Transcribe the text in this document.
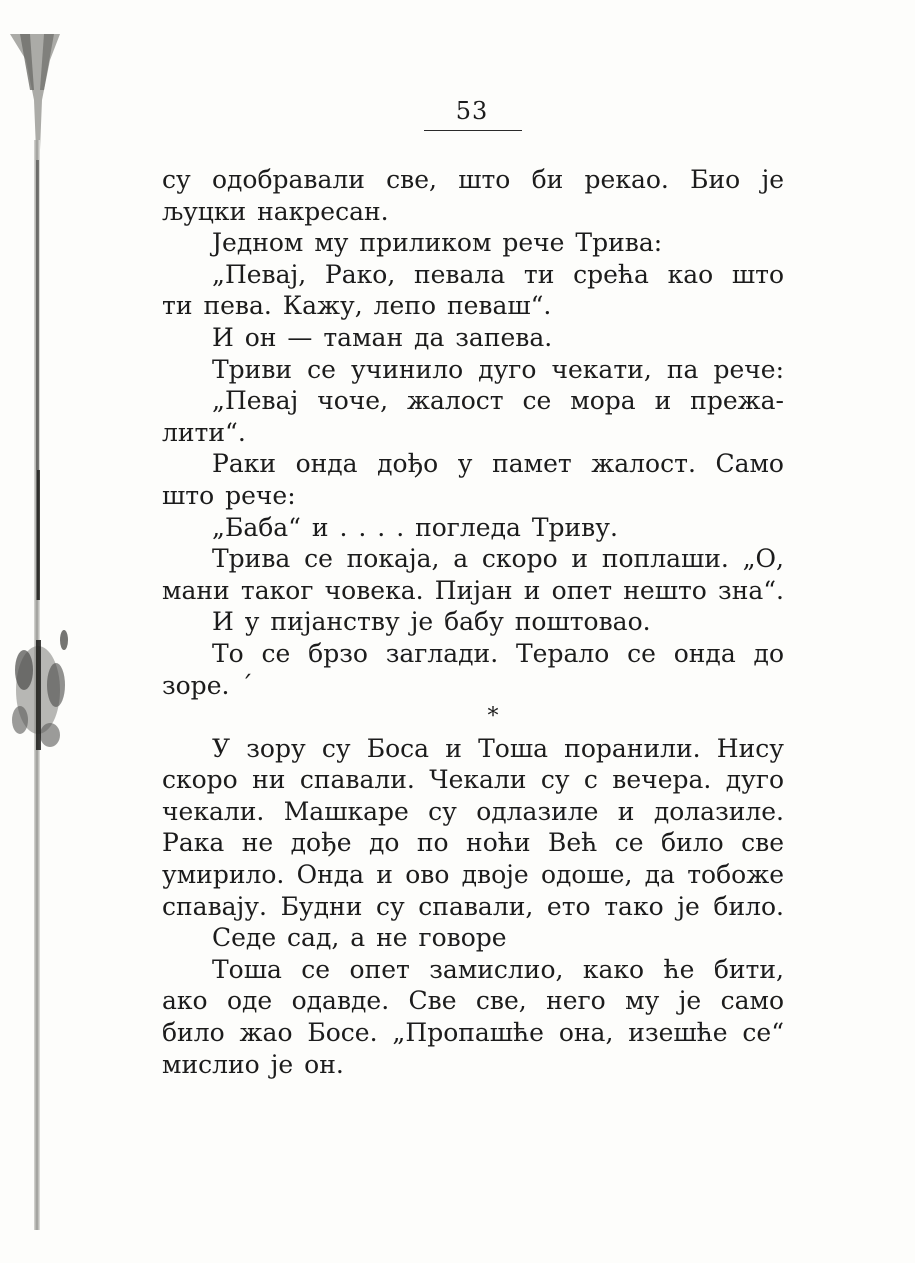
53
су одобравали све, што би рекао. Био је
љуцки накресан.
Једном му приликом рече Трива:
„Певај, Рако, певала ти срећа као што
ти пева. Кажу, лепо певаш“.
И он — таман да запева.
Триви се учинило дуго чекати, па рече:
„Певај чоче, жалост се мора и прежа-
лити“.
Раки онда дођо у памет жалост. Само
што рече:
„Баба“ и . . . . погледа Триву.
Трива се покаја, а скоро и поплаши. „О,
мани таког човека. Пијан и опет нешто зна“.
И у пијанству је бабу поштовао.
То се брзо заглади. Терало се онда до
зоре. ´
*
У зору су Боса и Тоша поранили. Нису
скоро ни спавали. Чекали су с вечера. дуго
чекали. Машкаре су одлазиле и долазиле.
Рака не дође до по ноћи Већ се било све
умирило. Онда и ово двоје одоше, да тобоже
спавају. Будни су спавали, ето тако је било.
Седе сад, а не говоре
Тоша се опет замислио, како ће бити,
ако оде одавде. Све све, него му је само
било жао Босе. „Пропашће она, изешће се“
мислио је он.
